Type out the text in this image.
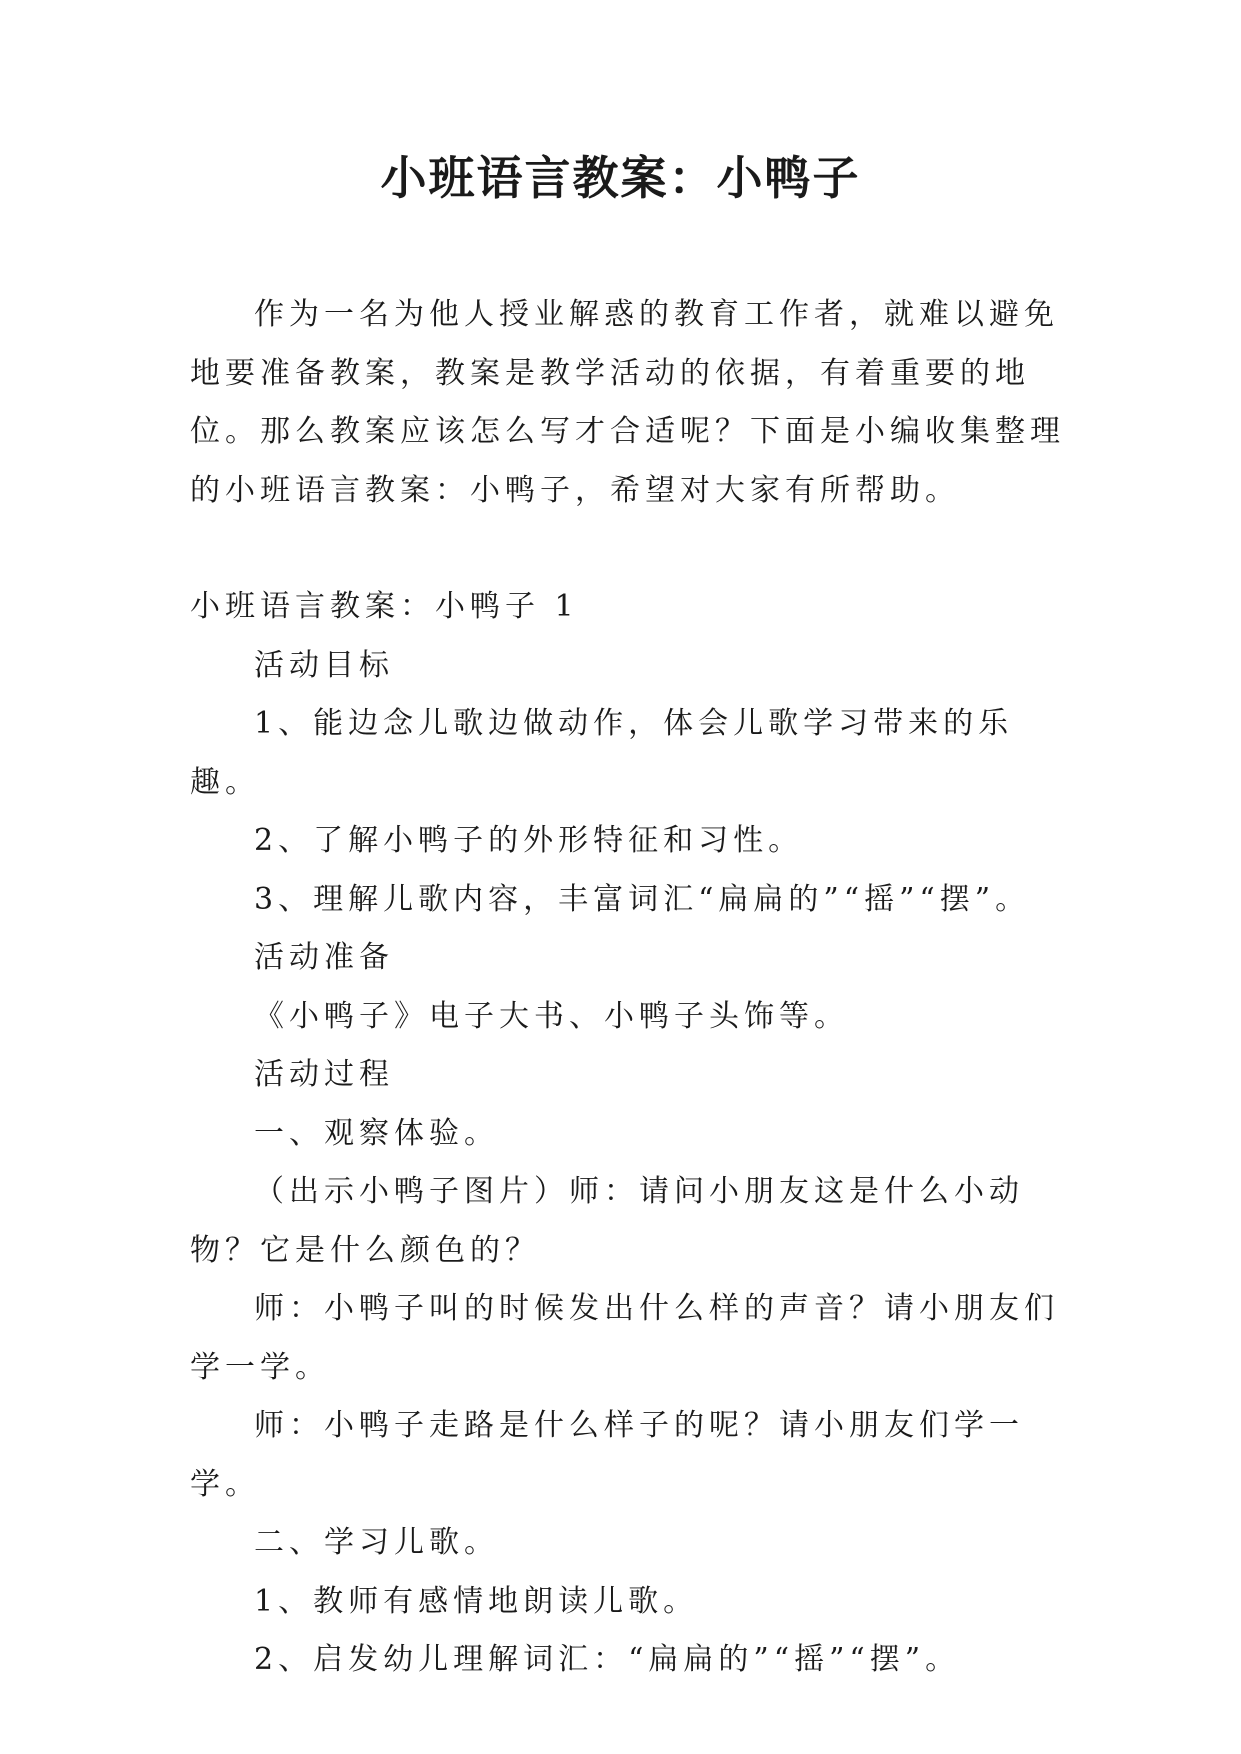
小班语言教案：小鸭子

作为一名为他人授业解惑的教育工作者，就难以避免地要准备教案，教案是教学活动的依据，有着重要的地位。那么教案应该怎么写才合适呢？下面是小编收集整理的小班语言教案：小鸭子，希望对大家有所帮助。

小班语言教案：小鸭子 1

活动目标

1、能边念儿歌边做动作，体会儿歌学习带来的乐趣。

2、了解小鸭子的外形特征和习性。

3、理解儿歌内容，丰富词汇“扁扁的”“摇”“摆”。

活动准备

《小鸭子》电子大书、小鸭子头饰等。

活动过程

一、观察体验。

（出示小鸭子图片）师：请问小朋友这是什么小动物？它是什么颜色的？

师：小鸭子叫的时候发出什么样的声音？请小朋友们学一学。

师：小鸭子走路是什么样子的呢？请小朋友们学一学。

二、学习儿歌。

1、教师有感情地朗读儿歌。

2、启发幼儿理解词汇：“扁扁的”“摇”“摆”。
